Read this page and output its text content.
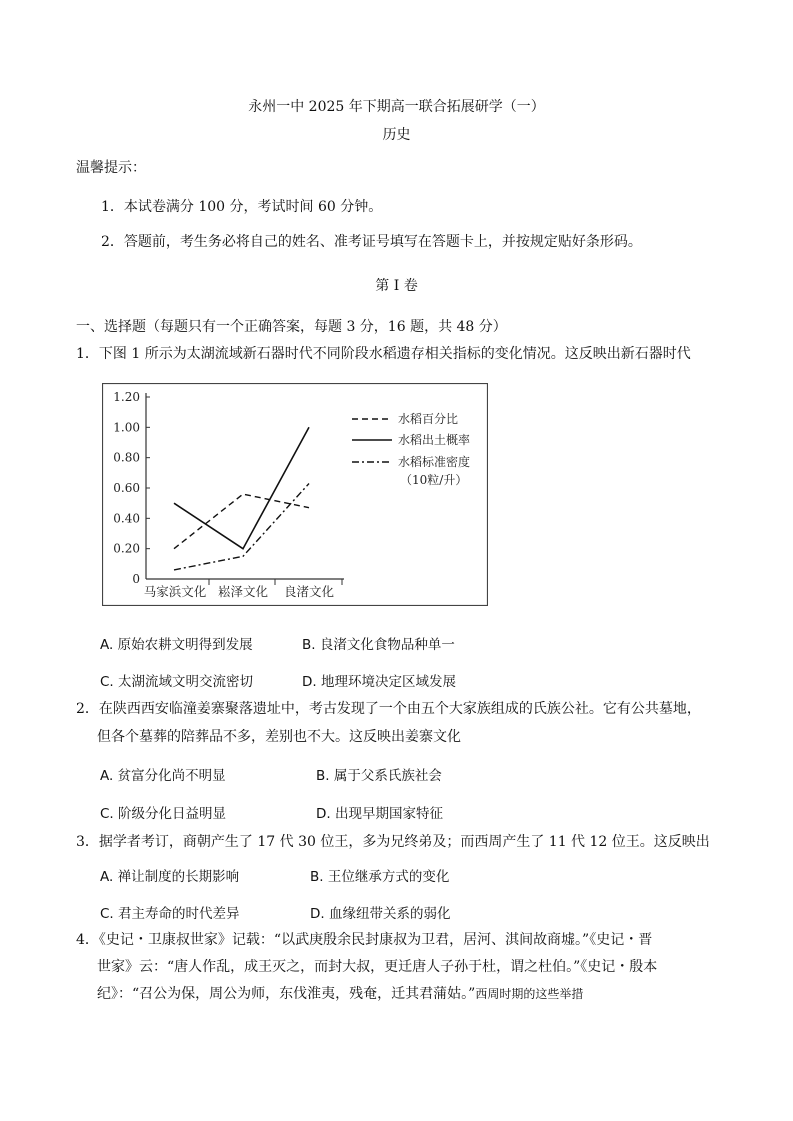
永州一中 2025 年下期高一联合拓展研学（一）
历史
温馨提示：
1．本试卷满分 100 分，考试时间 60 分钟。
2．答题前，考生务必将自己的姓名、准考证号填写在答题卡上，并按规定贴好条形码。
第 I 卷
一、选择题（每题只有一个正确答案，每题 3 分，16 题，共 48 分）
1．下图 1 所示为太湖流域新石器时代不同阶段水稻遗存相关指标的变化情况。这反映出新石器时代
0
0.20
0.40
0.60
0.80
1.00
1.20
马家浜文化 崧泽文化 良渚文化
水稻百分比
水稻出土概率
水稻标准密度
（10粒/升）
A. 原始农耕文明得到发展	B. 良渚文化食物品种单一
C. 太湖流域文明交流密切	D. 地理环境决定区域发展
2．在陕西西安临潼姜寨聚落遗址中，考古发现了一个由五个大家族组成的氏族公社。它有公共墓地，
但各个墓葬的陪葬品不多，差别也不大。这反映出姜寨文化
A. 贫富分化尚不明显	B. 属于父系氏族社会
C. 阶级分化日益明显	D. 出现早期国家特征
3．据学者考订，商朝产生了 17 代 30 位王，多为兄终弟及；而西周产生了 11 代 12 位王。这反映出
A. 禅让制度的长期影响	B. 王位继承方式的变化
C. 君主寿命的时代差异	D. 血缘纽带关系的弱化
4．《史记・卫康叔世家》记载：“以武庚殷余民封康叔为卫君，居河、淇间故商墟。”《史记・晋
世家》云：“唐人作乱，成王灭之，而封大叔，更迁唐人子孙于杜，谓之杜伯。”《史记・殷本
纪》：“召公为保，周公为师，东伐淮夷，残奄，迁其君蒲姑。”西周时期的这些举措
